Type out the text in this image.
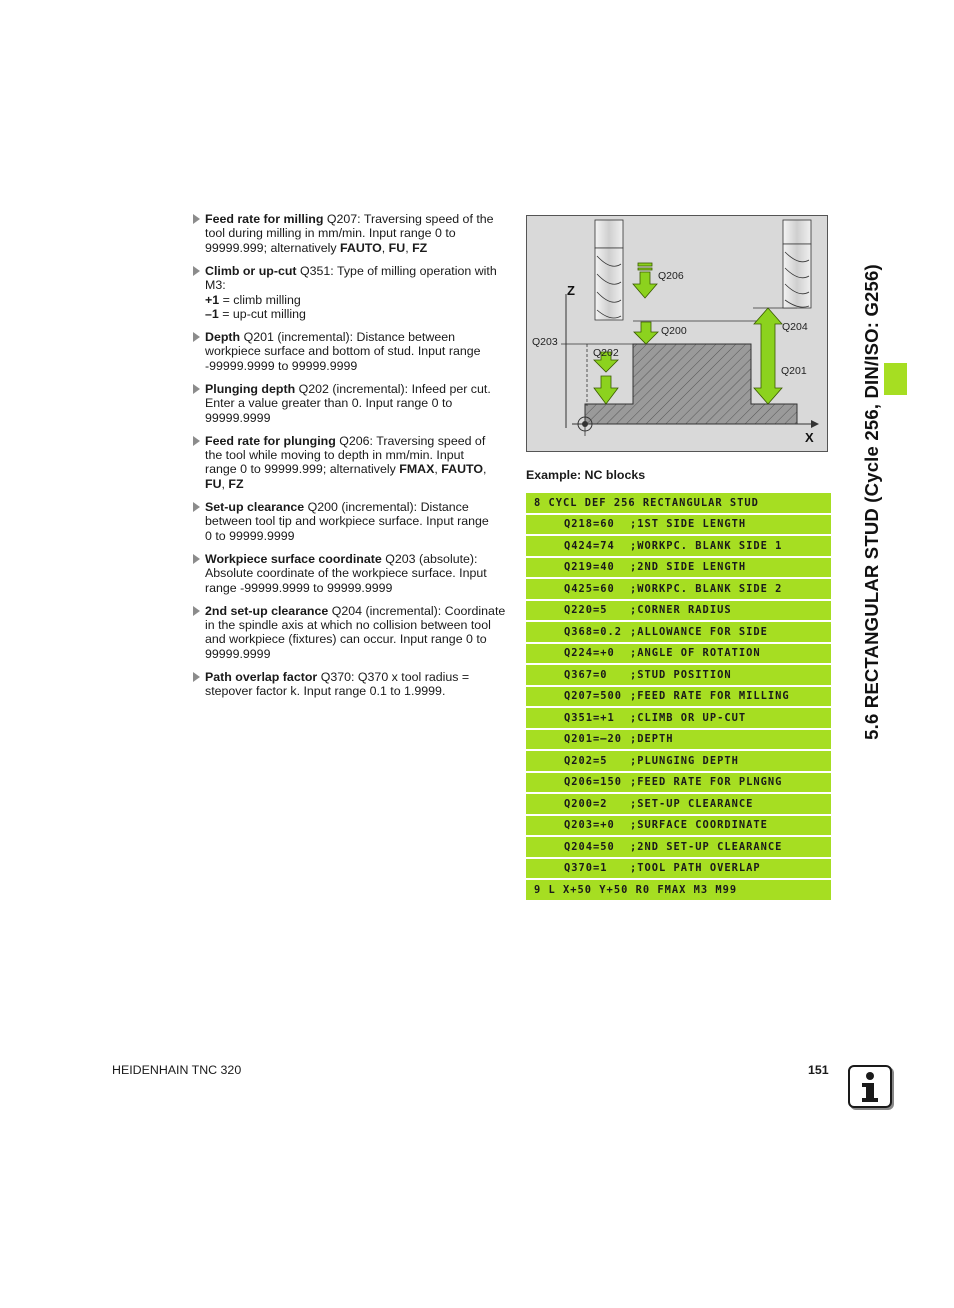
Feed rate for milling Q207: Traversing speed of the
tool during milling in mm/min. Input range 0 to
99999.999; alternatively FAUTO, FU, FZ
Climb or up-cut Q351: Type of milling operation with
M3:
+1 = climb milling
–1 = up-cut milling
Depth Q201 (incremental): Distance between
workpiece surface and bottom of stud. Input range
-99999.9999 to 99999.9999
Plunging depth Q202 (incremental): Infeed per cut.
Enter a value greater than 0. Input range 0 to
99999.9999
Feed rate for plunging Q206: Traversing speed of
the tool while moving to depth in mm/min. Input
range 0 to 99999.999; alternatively FMAX, FAUTO,
FU, FZ
Set-up clearance Q200 (incremental): Distance
between tool tip and workpiece surface. Input range
0 to 99999.9999
Workpiece surface coordinate Q203 (absolute):
Absolute coordinate of the workpiece surface. Input
range -99999.9999 to 99999.9999
2nd set-up clearance Q204 (incremental): Coordinate
in the spindle axis at which no collision between tool
and workpiece (fixtures) can occur. Input range 0 to
99999.9999
Path overlap factor Q370: Q370 x tool radius =
stepover factor k. Input range 0.1 to 1.9999.
Q206
Q200	Q204
Q203
Q202
Q201
Z
X
Example: NC blocks
8 CYCL DEF 256 RECTANGULAR STUD
Q218=60	;1ST SIDE LENGTH
Q424=74	;WORKPC. BLANK SIDE 1
Q219=40	;2ND SIDE LENGTH
Q425=60	;WORKPC. BLANK SIDE 2
Q220=5	;CORNER RADIUS
Q368=0.2 ;ALLOWANCE FOR SIDE
Q224=+0	;ANGLE OF ROTATION
Q367=0	;STUD POSITION
Q207=500 ;FEED RATE FOR MILLING
Q351=+1	;CLIMB OR UP-CUT
Q201=–20 ;DEPTH
Q202=5	;PLUNGING DEPTH
Q206=150 ;FEED RATE FOR PLNGNG
Q200=2	;SET-UP CLEARANCE
Q203=+0	;SURFACE COORDINATE
Q204=50	;2ND SET-UP CLEARANCE
Q370=1	;TOOL PATH OVERLAP
9 L X+50 Y+50 R0 FMAX M3 M99
5.6 RECTANGULAR STUD (Cycle 256, DIN/ISO: G256)
HEIDENHAIN TNC 320	151
